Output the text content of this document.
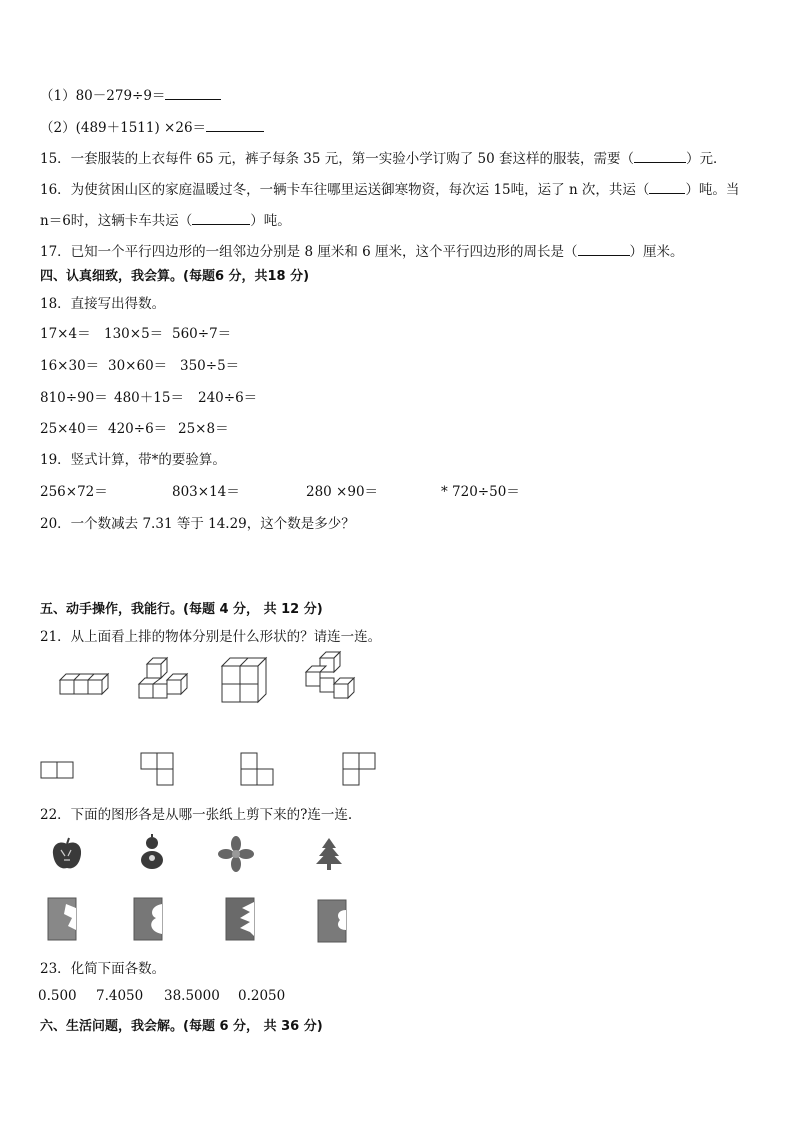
（1）80－279÷9＝
（2）(489＋1511) ×26＝
15．一套服装的上衣每件 65 元，裤子每条 35 元，第一实验小学订购了 50 套这样的服装，需要（	）元．
16．为使贫困山区的家庭温暖过冬，一辆卡车往哪里运送御寒物资，每次运 15吨，运了 n 次，共运（	）吨。当
n＝6时，这辆卡车共运（	）吨。
17．已知一个平行四边形的一组邻边分别是 8 厘米和 6 厘米，这个平行四边形的周长是（	）厘米。
四、认真细致，我会算。(每题6 分，共18 分)
18．直接写出得数。
17×4＝ 130×5＝ 560÷7＝
16×30＝ 30×60＝ 350÷5＝
810÷90＝ 480＋15＝ 240÷6＝
25×40＝ 420÷6＝ 25×8＝
19．竖式计算，带*的要验算。
256×72＝	803×14＝	280 ×90＝	* 720÷50＝
20．一个数减去 7.31 等于 14.29，这个数是多少？
五、动手操作，我能行。(每题 4 分， 共 12 分)
21．从上面看上排的物体分别是什么形状的？请连一连。
22．下面的图形各是从哪一张纸上剪下来的?连一连.
23．化简下面各数。
0.500 7.4050 38.5000 0.2050
六、生活问题，我会解。(每题 6 分， 共 36 分)
